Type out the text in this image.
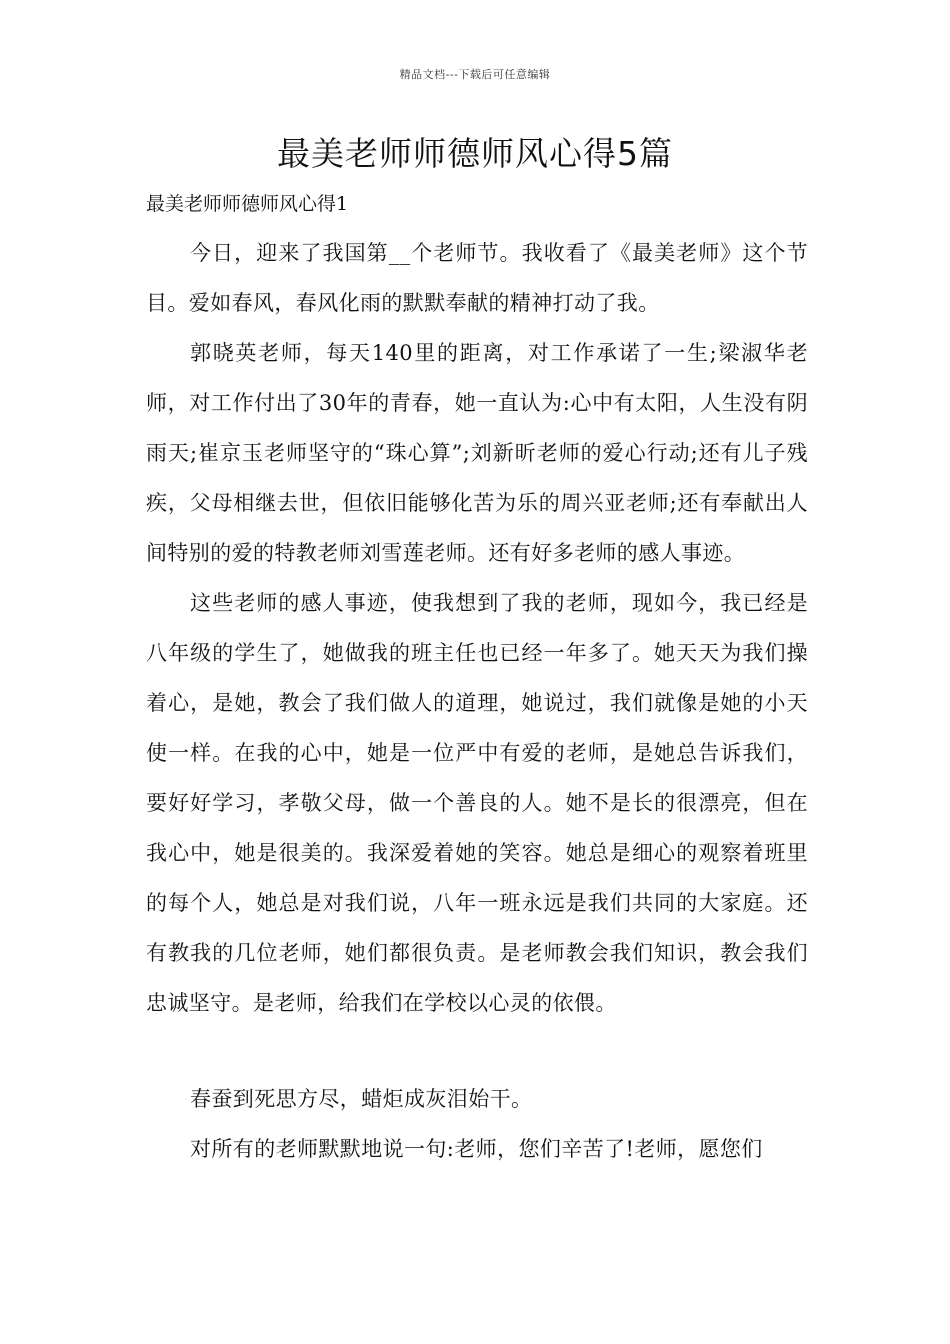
精品文档---下载后可任意编辑
最美老师师德师风心得5篇
最美老师师德师风心得1

今日，迎来了我国第__个老师节。我收看了《最美老师》这个节目。爱如春风，春风化雨的默默奉献的精神打动了我。

郭晓英老师，每天140里的距离，对工作承诺了一生;梁淑华老师，对工作付出了30年的青春，她一直认为:心中有太阳，人生没有阴雨天;崔京玉老师坚守的“珠心算”;刘新昕老师的爱心行动;还有儿子残疾，父母相继去世，但依旧能够化苦为乐的周兴亚老师;还有奉献出人间特别的爱的特教老师刘雪莲老师。还有好多老师的感人事迹。

这些老师的感人事迹，使我想到了我的老师，现如今，我已经是八年级的学生了，她做我的班主任也已经一年多了。她天天为我们操着心，是她，教会了我们做人的道理，她说过，我们就像是她的小天使一样。在我的心中，她是一位严中有爱的老师，是她总告诉我们，要好好学习，孝敬父母，做一个善良的人。她不是长的很漂亮，但在我心中，她是很美的。我深爱着她的笑容。她总是细心的观察着班里的每个人，她总是对我们说，八年一班永远是我们共同的大家庭。还有教我的几位老师，她们都很负责。是老师教会我们知识，教会我们忠诚坚守。是老师，给我们在学校以心灵的依偎。

春蚕到死思方尽，蜡炬成灰泪始干。

对所有的老师默默地说一句:老师，您们辛苦了!老师，愿您们
